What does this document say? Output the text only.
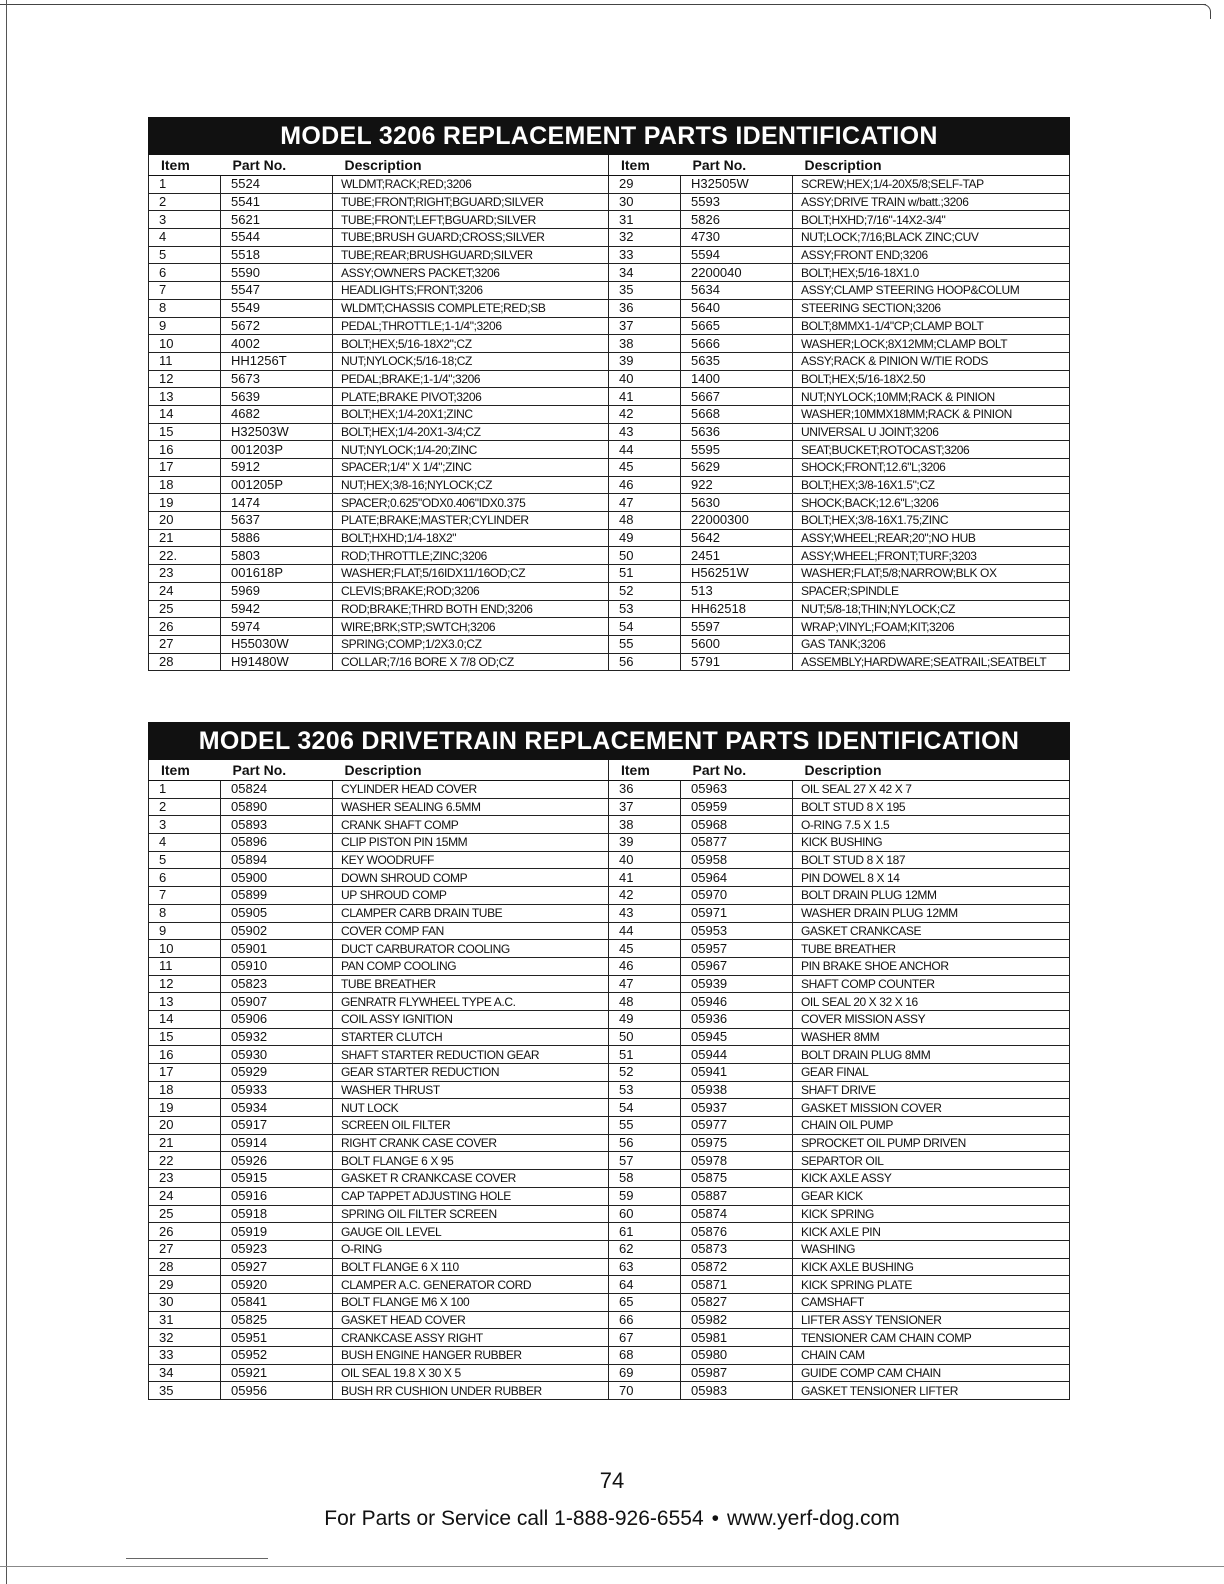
MODEL 3206 REPLACEMENT PARTS IDENTIFICATION
Item	Part No.	Description	Item	Part No.	Description
1	5524	WLDMT;RACK;RED;3206	29	H32505W	SCREW;HEX;1/4-20X5/8;SELF-TAP
2	5541	TUBE;FRONT;RIGHT;BGUARD;SILVER	30	5593	ASSY;DRIVE TRAIN w/batt.;3206
3	5621	TUBE;FRONT;LEFT;BGUARD;SILVER	31	5826	BOLT;HXHD;7/16"-14X2-3/4"
4	5544	TUBE;BRUSH GUARD;CROSS;SILVER	32	4730	NUT;LOCK;7/16;BLACK ZINC;CUV
5	5518	TUBE;REAR;BRUSHGUARD;SILVER	33	5594	ASSY;FRONT END;3206
6	5590	ASSY;OWNERS PACKET;3206	34	2200040	BOLT;HEX;5/16-18X1.0
7	5547	HEADLIGHTS;FRONT;3206	35	5634	ASSY;CLAMP STEERING HOOP&COLUM
8	5549	WLDMT;CHASSIS COMPLETE;RED;SB	36	5640	STEERING SECTION;3206
9	5672	PEDAL;THROTTLE;1-1/4";3206	37	5665	BOLT;8MMX1-1/4"CP;CLAMP BOLT
10	4002	BOLT;HEX;5/16-18X2";CZ	38	5666	WASHER;LOCK;8X12MM;CLAMP BOLT
11	HH1256T	NUT;NYLOCK;5/16-18;CZ	39	5635	ASSY;RACK & PINION W/TIE RODS
12	5673	PEDAL;BRAKE;1-1/4";3206	40	1400	BOLT;HEX;5/16-18X2.50
13	5639	PLATE;BRAKE PIVOT;3206	41	5667	NUT;NYLOCK;10MM;RACK & PINION
14	4682	BOLT;HEX;1/4-20X1;ZINC	42	5668	WASHER;10MMX18MM;RACK & PINION
15	H32503W	BOLT;HEX;1/4-20X1-3/4;CZ	43	5636	UNIVERSAL U JOINT;3206
16	001203P	NUT;NYLOCK;1/4-20;ZINC	44	5595	SEAT;BUCKET;ROTOCAST;3206
17	5912	SPACER;1/4" X 1/4";ZINC	45	5629	SHOCK;FRONT;12.6"L;3206
18	001205P	NUT;HEX;3/8-16;NYLOCK;CZ	46	922	BOLT;HEX;3/8-16X1.5";CZ
19	1474	SPACER;0.625"ODX0.406"IDX0.375	47	5630	SHOCK;BACK;12.6"L;3206
20	5637	PLATE;BRAKE;MASTER;CYLINDER	48	22000300	BOLT;HEX;3/8-16X1.75;ZINC
21	5886	BOLT;HXHD;1/4-18X2"	49	5642	ASSY;WHEEL;REAR;20";NO HUB
22.	5803	ROD;THROTTLE;ZINC;3206	50	2451	ASSY;WHEEL;FRONT;TURF;3203
23	001618P	WASHER;FLAT;5/16IDX11/16OD;CZ	51	H56251W	WASHER;FLAT;5/8;NARROW;BLK OX
24	5969	CLEVIS;BRAKE;ROD;3206	52	513	SPACER;SPINDLE
25	5942	ROD;BRAKE;THRD BOTH END;3206	53	HH62518	NUT;5/8-18;THIN;NYLOCK;CZ
26	5974	WIRE;BRK;STP;SWTCH;3206	54	5597	WRAP;VINYL;FOAM;KIT;3206
27	H55030W	SPRING;COMP;1/2X3.0;CZ	55	5600	GAS TANK;3206
28	H91480W	COLLAR;7/16 BORE X 7/8 OD;CZ	56	5791	ASSEMBLY;HARDWARE;SEATRAIL;SEATBELT
MODEL 3206 DRIVETRAIN REPLACEMENT PARTS IDENTIFICATION
Item	Part No.	Description	Item	Part No.	Description
1	05824	CYLINDER HEAD COVER	36	05963	OIL SEAL 27 X 42 X 7
2	05890	WASHER SEALING 6.5MM	37	05959	BOLT STUD 8 X 195
3	05893	CRANK SHAFT COMP	38	05968	O-RING 7.5 X 1.5
4	05896	CLIP PISTON PIN 15MM	39	05877	KICK BUSHING
5	05894	KEY WOODRUFF	40	05958	BOLT STUD 8 X 187
6	05900	DOWN SHROUD COMP	41	05964	PIN DOWEL 8 X 14
7	05899	UP SHROUD COMP	42	05970	BOLT DRAIN PLUG 12MM
8	05905	CLAMPER CARB DRAIN TUBE	43	05971	WASHER DRAIN PLUG 12MM
9	05902	COVER COMP FAN	44	05953	GASKET CRANKCASE
10	05901	DUCT CARBURATOR COOLING	45	05957	TUBE BREATHER
11	05910	PAN COMP COOLING	46	05967	PIN BRAKE SHOE ANCHOR
12	05823	TUBE BREATHER	47	05939	SHAFT COMP COUNTER
13	05907	GENRATR FLYWHEEL TYPE A.C.	48	05946	OIL SEAL 20 X 32 X 16
14	05906	COIL ASSY IGNITION	49	05936	COVER MISSION ASSY
15	05932	STARTER CLUTCH	50	05945	WASHER 8MM
16	05930	SHAFT STARTER REDUCTION GEAR	51	05944	BOLT DRAIN PLUG 8MM
17	05929	GEAR STARTER REDUCTION	52	05941	GEAR FINAL
18	05933	WASHER THRUST	53	05938	SHAFT DRIVE
19	05934	NUT LOCK	54	05937	GASKET MISSION COVER
20	05917	SCREEN OIL FILTER	55	05977	CHAIN OIL PUMP
21	05914	RIGHT CRANK CASE COVER	56	05975	SPROCKET OIL PUMP DRIVEN
22	05926	BOLT FLANGE 6 X 95	57	05978	SEPARTOR OIL
23	05915	GASKET R CRANKCASE COVER	58	05875	KICK AXLE ASSY
24	05916	CAP TAPPET ADJUSTING HOLE	59	05887	GEAR KICK
25	05918	SPRING OIL FILTER SCREEN	60	05874	KICK SPRING
26	05919	GAUGE OIL LEVEL	61	05876	KICK AXLE PIN
27	05923	O-RING	62	05873	WASHING
28	05927	BOLT FLANGE 6 X 110	63	05872	KICK AXLE BUSHING
29	05920	CLAMPER A.C. GENERATOR CORD	64	05871	KICK SPRING PLATE
30	05841	BOLT FLANGE M6 X 100	65	05827	CAMSHAFT
31	05825	GASKET HEAD COVER	66	05982	LIFTER ASSY TENSIONER
32	05951	CRANKCASE ASSY RIGHT	67	05981	TENSIONER CAM CHAIN COMP
33	05952	BUSH ENGINE HANGER RUBBER	68	05980	CHAIN CAM
34	05921	OIL SEAL 19.8 X 30 X 5	69	05987	GUIDE COMP CAM CHAIN
35	05956	BUSH RR CUSHION UNDER RUBBER	70	05983	GASKET TENSIONER LIFTER
74
For Parts or Service call 1-888-926-6554 • www.yerf-dog.com
